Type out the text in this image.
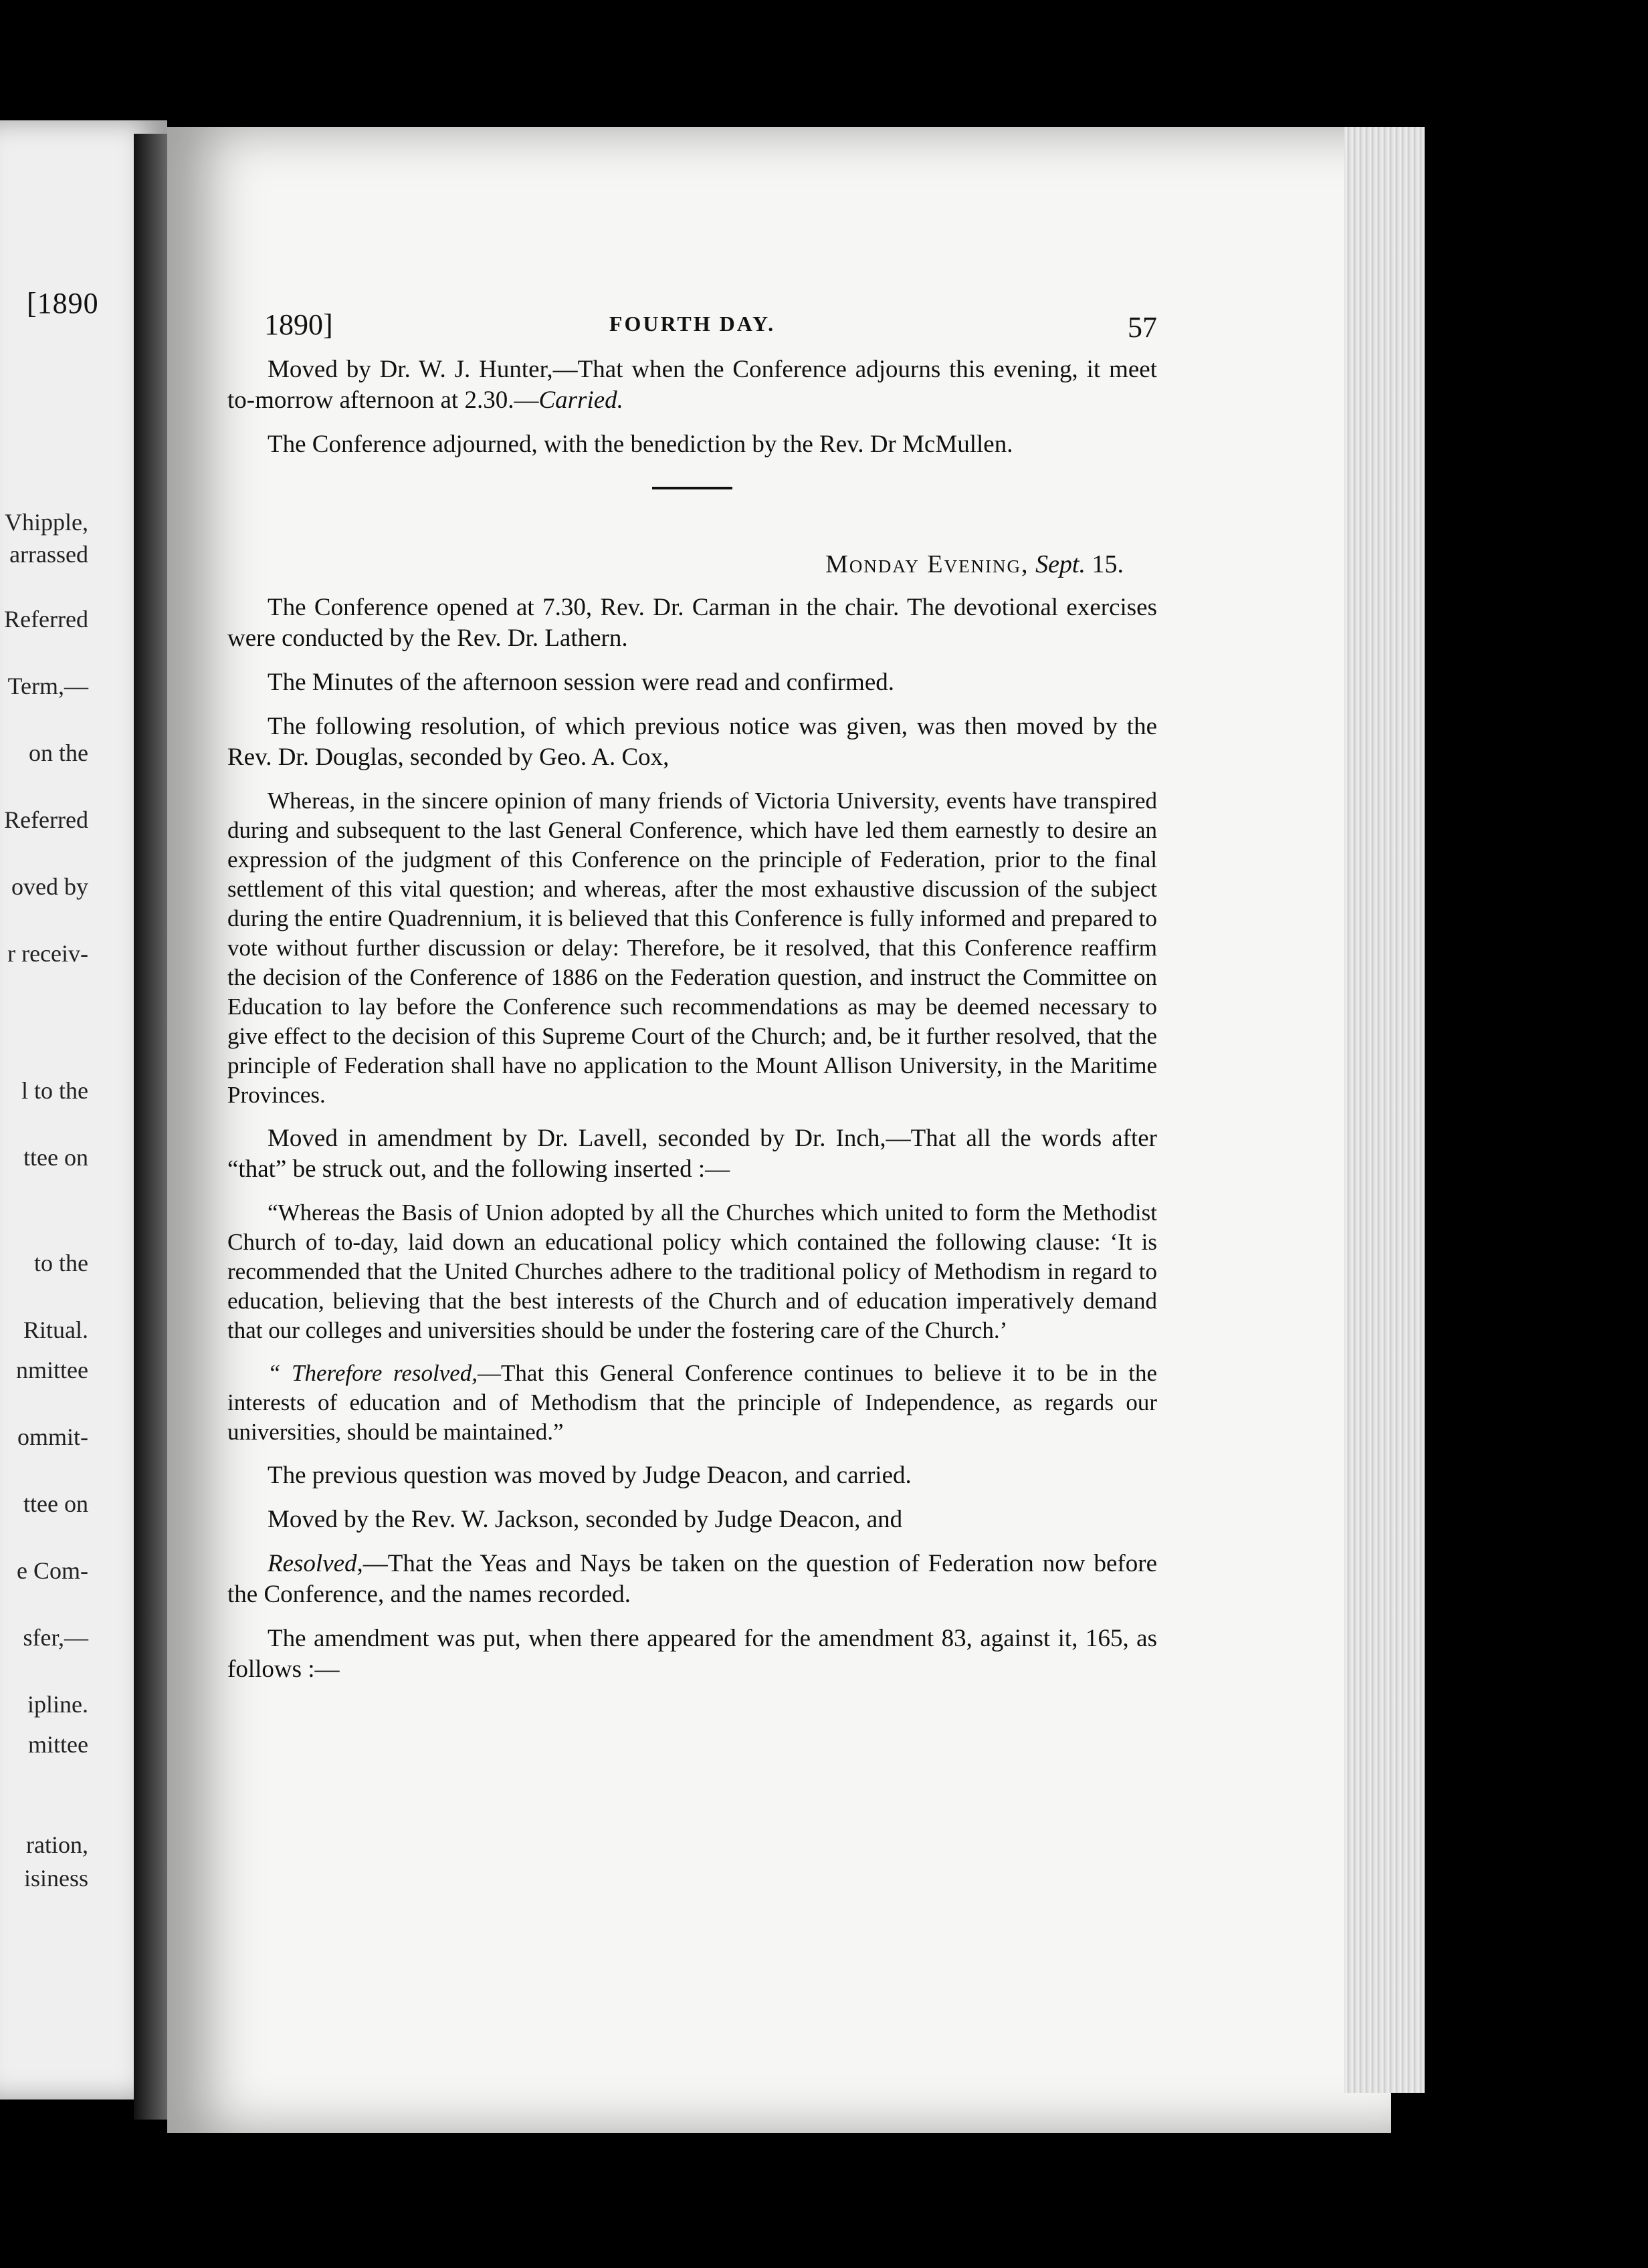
[1890
Vhipple,
arrassed
Referred
Term,—
on the
Referred
oved by
r receiv-
l to the
ttee on
to the
Ritual.
nmittee
ommit-
ttee on
e Com-
sfer,—
ipline.
mittee
ration,
isiness
1890]	FOURTH DAY.	57

Moved by Dr. W. J. Hunter,—That when the Conference adjourns this evening, it meet to-morrow afternoon at 2.30.—Carried.

The Conference adjourned, with the benediction by the Rev. Dr McMullen.

Monday Evening, Sept. 15.

The Conference opened at 7.30, Rev. Dr. Carman in the chair. The devotional exercises were conducted by the Rev. Dr. Lathern.

The Minutes of the afternoon session were read and confirmed.

The following resolution, of which previous notice was given, was then moved by the Rev. Dr. Douglas, seconded by Geo. A. Cox,

Whereas, in the sincere opinion of many friends of Victoria University, events have transpired during and subsequent to the last General Conference, which have led them earnestly to desire an expression of the judgment of this Conference on the principle of Federation, prior to the final settlement of this vital question; and whereas, after the most exhaustive discussion of the subject during the entire Quadrennium, it is believed that this Conference is fully informed and prepared to vote without further discussion or delay: Therefore, be it resolved, that this Conference reaffirm the decision of the Conference of 1886 on the Federation question, and instruct the Committee on Education to lay before the Conference such recommendations as may be deemed necessary to give effect to the decision of this Supreme Court of the Church; and, be it further resolved, that the principle of Federation shall have no application to the Mount Allison University, in the Maritime Provinces.

Moved in amendment by Dr. Lavell, seconded by Dr. Inch,—That all the words after “that” be struck out, and the following inserted :—

“Whereas the Basis of Union adopted by all the Churches which united to form the Methodist Church of to-day, laid down an educational policy which contained the following clause: ‘It is recommended that the United Churches adhere to the traditional policy of Methodism in regard to education, believing that the best interests of the Church and of education imperatively demand that our colleges and universities should be under the fostering care of the Church.’

“ Therefore resolved,—That this General Conference continues to believe it to be in the interests of education and of Methodism that the principle of Independence, as regards our universities, should be maintained.”

The previous question was moved by Judge Deacon, and carried.

Moved by the Rev. W. Jackson, seconded by Judge Deacon, and

Resolved,—That the Yeas and Nays be taken on the question of Federation now before the Conference, and the names recorded.

The amendment was put, when there appeared for the amendment 83, against it, 165, as follows :—
